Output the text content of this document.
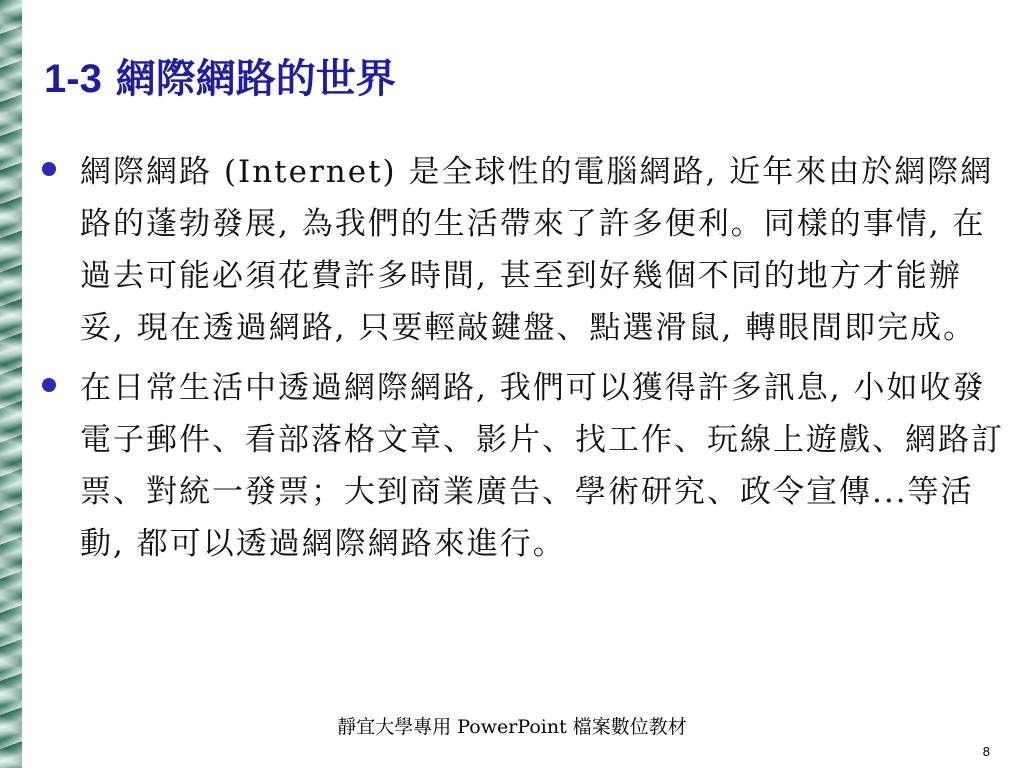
1-3 網際網路的世界
網際網路 (Internet) 是全球性的電腦網路, 近年來由於網際網路的蓬勃發展, 為我們的生活帶來了許多便利。同樣的事情, 在過去可能必須花費許多時間, 甚至到好幾個不同的地方才能辦妥, 現在透過網路, 只要輕敲鍵盤、點選滑鼠, 轉眼間即完成。
在日常生活中透過網際網路, 我們可以獲得許多訊息, 小如收發電子郵件、看部落格文章、影片、找工作、玩線上遊戲、網路訂票、對統一發票；大到商業廣告、學術研究、政令宣傳...等活動, 都可以透過網際網路來進行。

靜宜大學專用 PowerPoint 檔案數位教材

8
